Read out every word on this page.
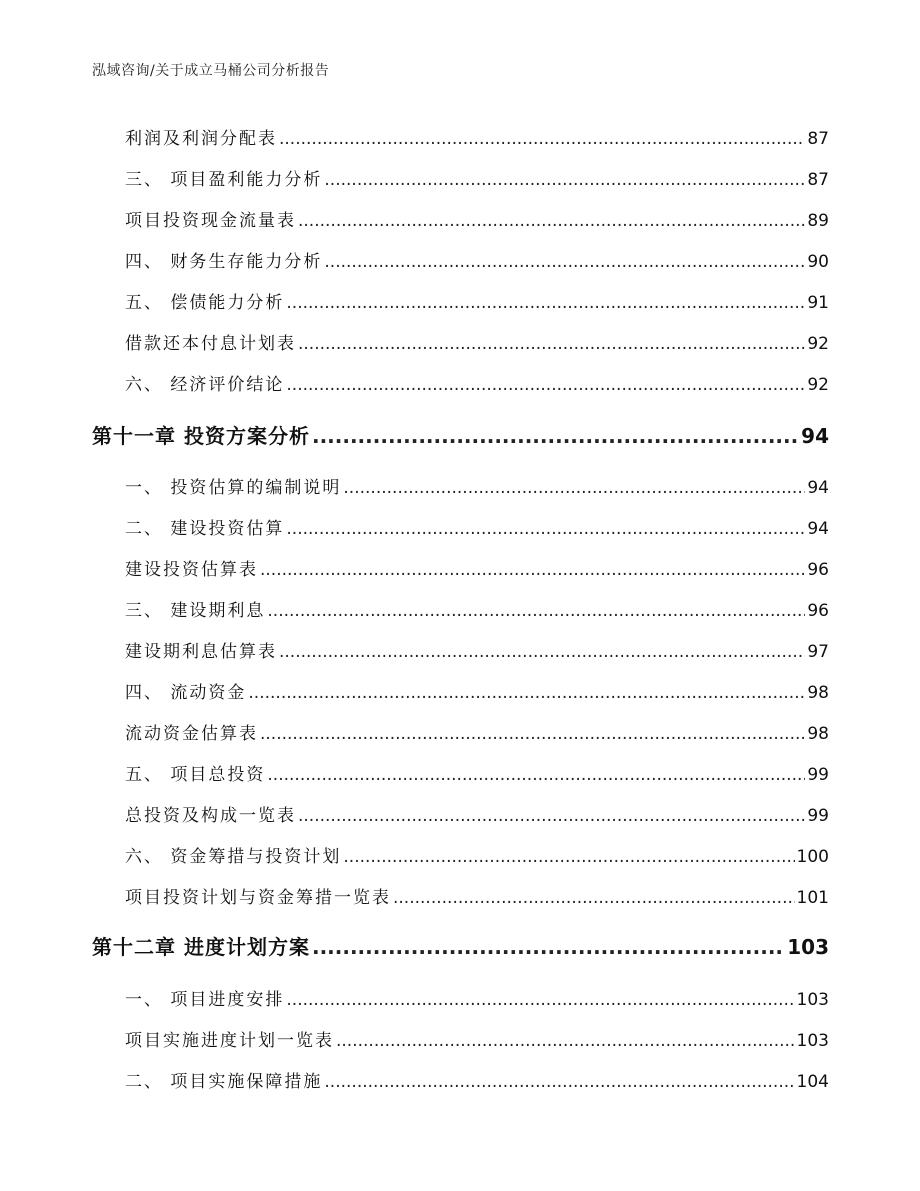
泓域咨询/关于成立马桶公司分析报告
利润及利润分配表 .....	87
三、 项目盈利能力分析 .....	87
项目投资现金流量表 .....	89
四、 财务生存能力分析 .....	90
五、 偿债能力分析 .....	91
借款还本付息计划表 .....	92
六、 经济评价结论 .....	92
第十一章 投资方案分析 .....	94
一、 投资估算的编制说明 .....	94
二、 建设投资估算 .....	94
建设投资估算表 .....	96
三、 建设期利息 .....	96
建设期利息估算表 .....	97
四、 流动资金 .....	98
流动资金估算表 .....	98
五、 项目总投资 .....	99
总投资及构成一览表 .....	99
六、 资金筹措与投资计划 .....	100
项目投资计划与资金筹措一览表 .....	101
第十二章 进度计划方案 .....	103
一、 项目进度安排 .....	103
项目实施进度计划一览表 .....	103
二、 项目实施保障措施 .....	104
